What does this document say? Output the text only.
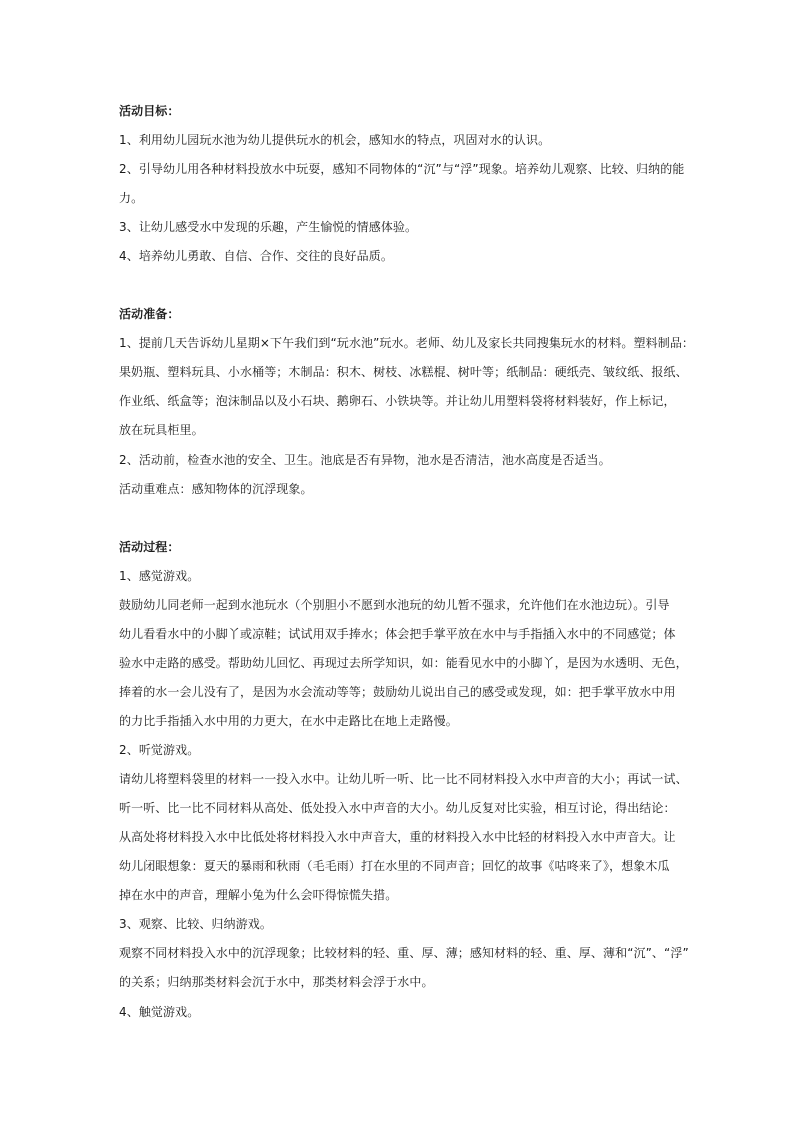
活动目标：
1、利用幼儿园玩水池为幼儿提供玩水的机会，感知水的特点，巩固对水的认识。
2、引导幼儿用各种材料投放水中玩耍，感知不同物体的“沉”与“浮”现象。培养幼儿观察、比较、归纳的能
力。
3、让幼儿感受水中发现的乐趣，产生愉悦的情感体验。
4、培养幼儿勇敢、自信、合作、交往的良好品质。
活动准备：
1、提前几天告诉幼儿星期×下午我们到“玩水池”玩水。老师、幼儿及家长共同搜集玩水的材料。塑料制品：
果奶瓶、塑料玩具、小水桶等；木制品：积木、树枝、冰糕棍、树叶等；纸制品：硬纸壳、皱纹纸、报纸、
作业纸、纸盒等；泡沫制品以及小石块、鹅卵石、小铁块等。并让幼儿用塑料袋将材料装好，作上标记，
放在玩具柜里。
2、活动前，检查水池的安全、卫生。池底是否有异物，池水是否清洁，池水高度是否适当。
活动重难点：感知物体的沉浮现象。
活动过程：
1、感觉游戏。
鼓励幼儿同老师一起到水池玩水（个别胆小不愿到水池玩的幼儿暂不强求，允许他们在水池边玩）。引导
幼儿看看水中的小脚丫或凉鞋；试试用双手捧水；体会把手掌平放在水中与手指插入水中的不同感觉；体
验水中走路的感受。帮助幼儿回忆、再现过去所学知识，如：能看见水中的小脚丫，是因为水透明、无色，
捧着的水一会儿没有了，是因为水会流动等等；鼓励幼儿说出自己的感受或发现，如：把手掌平放水中用
的力比手指插入水中用的力更大，在水中走路比在地上走路慢。
2、听觉游戏。
请幼儿将塑料袋里的材料一一投入水中。让幼儿听一听、比一比不同材料投入水中声音的大小；再试一试、
听一听、比一比不同材料从高处、低处投入水中声音的大小。幼儿反复对比实验，相互讨论，得出结论：
从高处将材料投入水中比低处将材料投入水中声音大，重的材料投入水中比轻的材料投入水中声音大。让
幼儿闭眼想象：夏天的暴雨和秋雨（毛毛雨）打在水里的不同声音；回忆的故事《咕咚来了》，想象木瓜
掉在水中的声音，理解小兔为什么会吓得惊慌失措。
3、观察、比较、归纳游戏。
观察不同材料投入水中的沉浮现象；比较材料的轻、重、厚、薄；感知材料的轻、重、厚、薄和“沉”、“浮”
的关系；归纳那类材料会沉于水中，那类材料会浮于水中。
4、触觉游戏。
